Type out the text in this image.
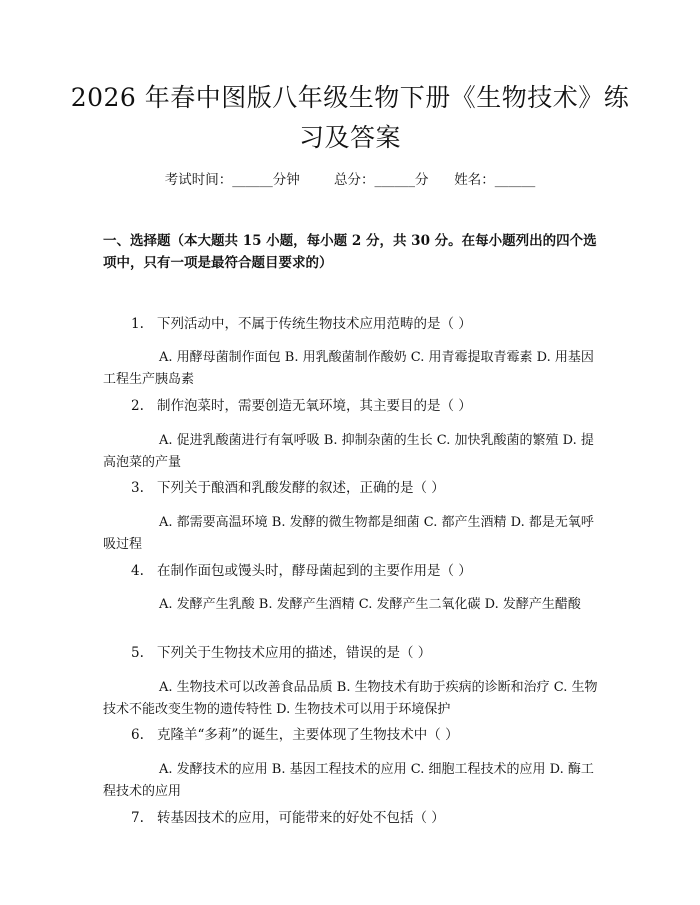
2026 年春中图版八年级生物下册《生物技术》练习及答案
考试时间：______分钟	总分：______分 姓名：______

一、选择题（本大题共 15 小题，每小题 2 分，共 30 分。在每小题列出的四个选项中，只有一项是最符合题目要求的）

1. 下列活动中，不属于传统生物技术应用范畴的是（ ）

A. 用酵母菌制作面包 B. 用乳酸菌制作酸奶 C. 用青霉提取青霉素 D. 用基因工程生产胰岛素

2. 制作泡菜时，需要创造无氧环境，其主要目的是（ ）

A. 促进乳酸菌进行有氧呼吸 B. 抑制杂菌的生长 C. 加快乳酸菌的繁殖 D. 提高泡菜的产量

3. 下列关于酿酒和乳酸发酵的叙述，正确的是（ ）

A. 都需要高温环境 B. 发酵的微生物都是细菌 C. 都产生酒精 D. 都是无氧呼吸过程

4. 在制作面包或馒头时，酵母菌起到的主要作用是（ ）

A. 发酵产生乳酸 B. 发酵产生酒精 C. 发酵产生二氧化碳 D. 发酵产生醋酸

5. 下列关于生物技术应用的描述，错误的是（ ）

A. 生物技术可以改善食品品质 B. 生物技术有助于疾病的诊断和治疗 C. 生物技术不能改变生物的遗传特性 D. 生物技术可以用于环境保护

6. 克隆羊“多莉”的诞生，主要体现了生物技术中（ ）

A. 发酵技术的应用 B. 基因工程技术的应用 C. 细胞工程技术的应用 D. 酶工程技术的应用

7. 转基因技术的应用，可能带来的好处不包括（ ）
